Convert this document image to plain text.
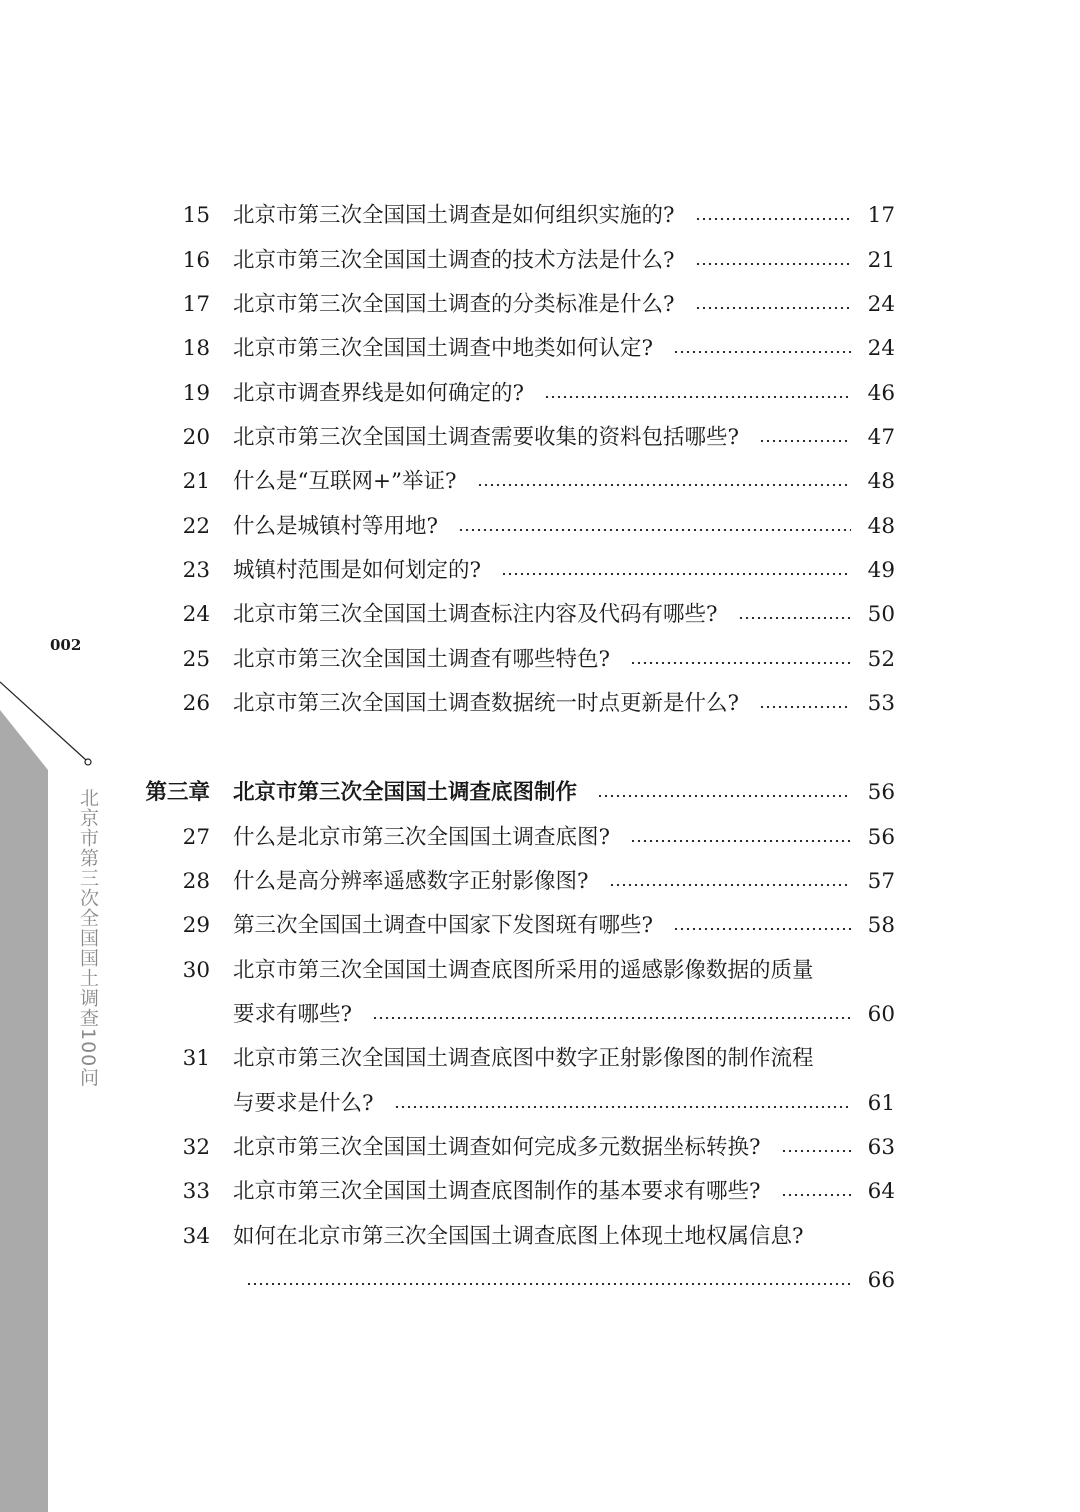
002
北京市第三次全国国土调查100问
15	北京市第三次全国国土调查是如何组织实施的?	17
16	北京市第三次全国国土调查的技术方法是什么?	21
17	北京市第三次全国国土调查的分类标准是什么?	24
18	北京市第三次全国国土调查中地类如何认定?	24
19	北京市调查界线是如何确定的?	46
20	北京市第三次全国国土调查需要收集的资料包括哪些?	47
21	什么是“互联网+”举证?	48
22	什么是城镇村等用地?	48
23	城镇村范围是如何划定的?	49
24	北京市第三次全国国土调查标注内容及代码有哪些?	50
25	北京市第三次全国国土调查有哪些特色?	52
26	北京市第三次全国国土调查数据统一时点更新是什么?	53
第三章	北京市第三次全国国土调查底图制作	56
27	什么是北京市第三次全国国土调查底图?	56
28	什么是高分辨率遥感数字正射影像图?	57
29	第三次全国国土调查中国家下发图斑有哪些?	58
30	北京市第三次全国国土调查底图所采用的遥感影像数据的质量
要求有哪些?	60
31	北京市第三次全国国土调查底图中数字正射影像图的制作流程
与要求是什么?	61
32	北京市第三次全国国土调查如何完成多元数据坐标转换?	63
33	北京市第三次全国国土调查底图制作的基本要求有哪些?	64
34	如何在北京市第三次全国国土调查底图上体现土地权属信息?
66
